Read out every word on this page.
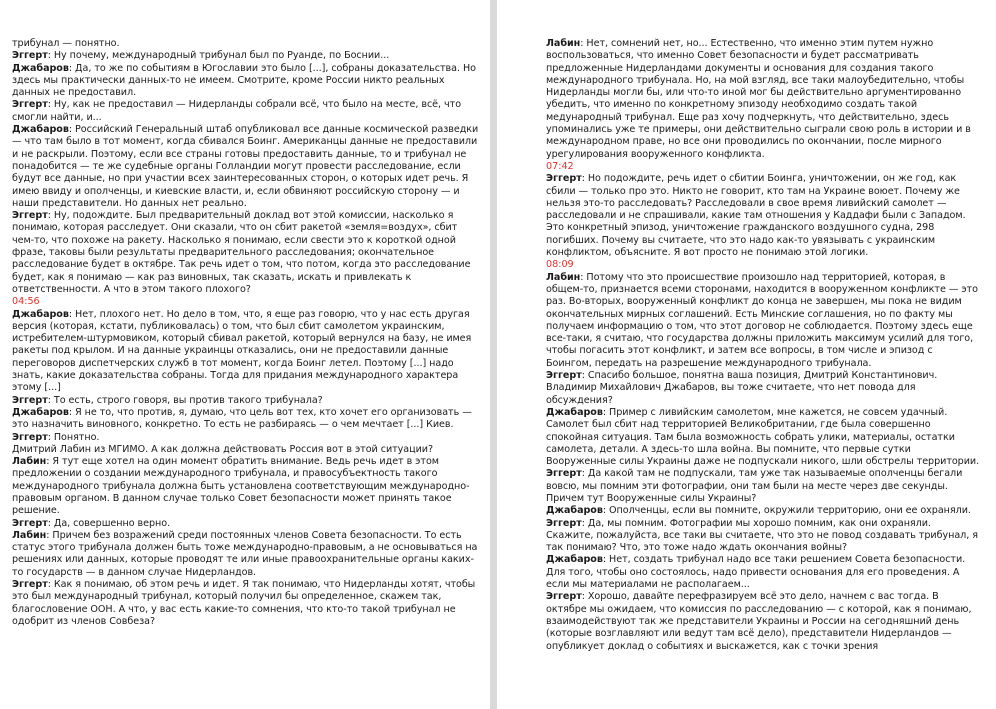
трибунал — понятно.

Эггерт: Ну почему, международный трибунал был по Руанде, по Боснии...

Джабаров: Да, то же по событиям в Югославии это было [...], собраны доказательства. Но здесь мы практически данных-то не имеем. Смотрите, кроме России никто реальных данных не предоставил.

Эггерт: Ну, как не предоставил — Нидерланды собрали всё, что было на месте, всё, что смогли найти, и...

Джабаров: Российский Генеральный штаб опубликовал все данные космической разведки — что там было в тот момент, когда сбивался Боинг. Американцы данные не предоставили и не раскрыли. Поэтому, если все страны готовы предоставить данные, то и трибунал не понадобится — те же судебные органы Голландии могут провести расследование, если будут все данные, но при участии всех заинтересованных сторон, о которых идет речь. Я имею ввиду и ополченцы, и киевские власти, и, если обвиняют российскую сторону — и наши представители. Но данных нет реально.

Эггерт: Ну, подождите. Был предварительный доклад вот этой комиссии, насколько я понимаю, которая расследует. Они сказали, что он сбит ракетой «земля=воздух», сбит чем-то, что похоже на ракету. Насколько я понимаю, если свести это к короткой одной фразе, таковы были результаты предварительного расследования; окончательное расследование будет в октябре. Так речь идет о том, что потом, когда это расследование будет, как я понимаю — как раз виновных, так сказать, искать и привлекать к ответственности. А что в этом такого плохого?

04:56

Джабаров: Нет, плохого нет. Но дело в том, что, я еще раз говорю, что у нас есть другая версия (которая, кстати, публиковалась) о том, что был сбит самолетом украинским, истребителем-штурмовиком, который сбивал ракетой, который вернулся на базу, не имея ракеты под крылом. И на данные украинцы отказались, они не предоставили данные переговоров диспетчерских служб в тот момент, когда Боинг летел. Поэтому [...] надо знать, какие доказательства собраны. Тогда для придания международного характера этому [...]

Эггерт: То есть, строго говоря, вы против такого трибунала?

Джабаров: Я не то, что против, я, думаю, что цель вот тех, кто хочет его организовать — это назначить виновного, конкретно. То есть не разбираясь — о чем мечтает [...] Киев.

Эггерт: Понятно.

Дмитрий Лабин из МГИМО. А как должна действовать Россия вот в этой ситуации?

Лабин: Я тут еще хотел на один момент обратить внимание. Ведь речь идет в этом предложении о создании международного трибунала, и правосубъектность такого международного трибунала должна быть установлена соответствующим международно-правовым органом. В данном случае только Совет безопасности может принять такое решение.

Эггерт: Да, совершенно верно.

Лабин: Причем без возражений среди постоянных членов Совета безопасности. То есть статус этого трибунала должен быть тоже международно-правовым, а не основываться на решениях или данных, которые проводят те или иные правоохранительные органы каких-то государств — в данном случае Нидерландов.

Эггерт: Как я понимаю, об этом речь и идет. Я так понимаю, что Нидерланды хотят, чтобы это был международный трибунал, который получил бы определенное, скажем так, благословение ООН. А что, у вас есть какие-то сомнения, что кто-то такой трибунал не одобрит из членов Совбеза?

Лабин: Нет, сомнений нет, но... Естественно, что именно этим путем нужно воспользоваться, что именно Совет безопасности и будет рассматривать предложенные Нидерландами документы и основания для создания такого международного трибунала. Но, на мой взгляд, все таки малоубедительно, чтобы Нидерланды могли бы, или что-то иной мог бы действительно аргументированно убедить, что именно по конкретному эпизоду необходимо создать такой медународный трибунал. Еще раз хочу подчеркнуть, что действительно, здесь упоминались уже те примеры, они действительно сыграли свою роль в истории и в международном праве, но все они проводились по окончании, после мирного урегулирования вооруженного конфликта.

07:42

Эггерт: Но подождите, речь идет о сбитии Боинга, уничтожении, он же год, как сбили — только про это. Никто не говорит, кто там на Украине воюет. Почему же нельзя это-то расследовать? Расследовали в свое время ливийский самолет — расследовали и не спрашивали, какие там отношения у Каддафи были с Западом. Это конкретный эпизод, уничтожение гражданского воздушного судна, 298 погибших. Почему вы считаете, что это надо как-то увязывать с украинским конфликтом, объясните. Я вот просто не понимаю этой логики.

08:09

Лабин: Потому что это происшествие произошло над территорией, которая, в общем-то, признается всеми сторонами, находится в вооруженном конфликте — это раз. Во-вторых, вооруженный конфликт до конца не завершен, мы пока не видим окончательных мирных соглашений. Есть Минские соглашения, но по факту мы получаем информацию о том, что этот договор не соблюдается. Поэтому здесь еще все-таки, я считаю, что государства должны приложить максимум усилий для того, чтобы погасить этот конфликт, и затем все вопросы, в том числе и эпизод с Боингом, передать на разрешение международного трибунала.

Эггерт: Спасибо большое, понятна ваша позиция, Дмитрий Константинович. Владимир Михайлович Джабаров, вы тоже считаете, что нет повода для обсуждения?

Джабаров: Пример с ливийским самолетом, мне кажется, не совсем удачный. Самолет был сбит над территорией Великобритании, где была совершенно спокойная ситуация. Там была возможность собрать улики, материалы, остатки самолета, детали. А здесь-то шла война. Вы помните, что первые сутки Вооруженные силы Украины даже не подпускали никого, шли обстрелы территории.

Эггерт: Да какой там не подпускали, там уже так называемые ополченцы бегали вовсю, мы помним эти фотографии, они там были на месте через две секунды. Причем тут Вооруженные силы Украины?

Джабаров: Ополченцы, если вы помните, окружили территорию, они ее охраняли.

Эггерт: Да, мы помним. Фотографии мы хорошо помним, как они охраняли. Скажите, пожалуйста, все таки вы считаете, что это не повод создавать трибунал, я так понимаю? Что, это тоже надо ждать окончания войны?

Джабаров: Нет, создать трибунал надо все таки решением Совета безопасности. Для того, чтобы оно состоялось, надо привести основания для его проведения. А если мы материалами не располагаем...

Эггерт: Хорошо, давайте перефразируем всё это дело, начнем с вас тогда. В октябре мы ожидаем, что комиссия по расследованию — с которой, как я понимаю, взаимодействуют так же представители Украины и России на сегодняшний день (которые возглавляют или ведут там всё дело), представители Нидерландов — опубликует доклад о событиях и выскажется, как с точки зрения
